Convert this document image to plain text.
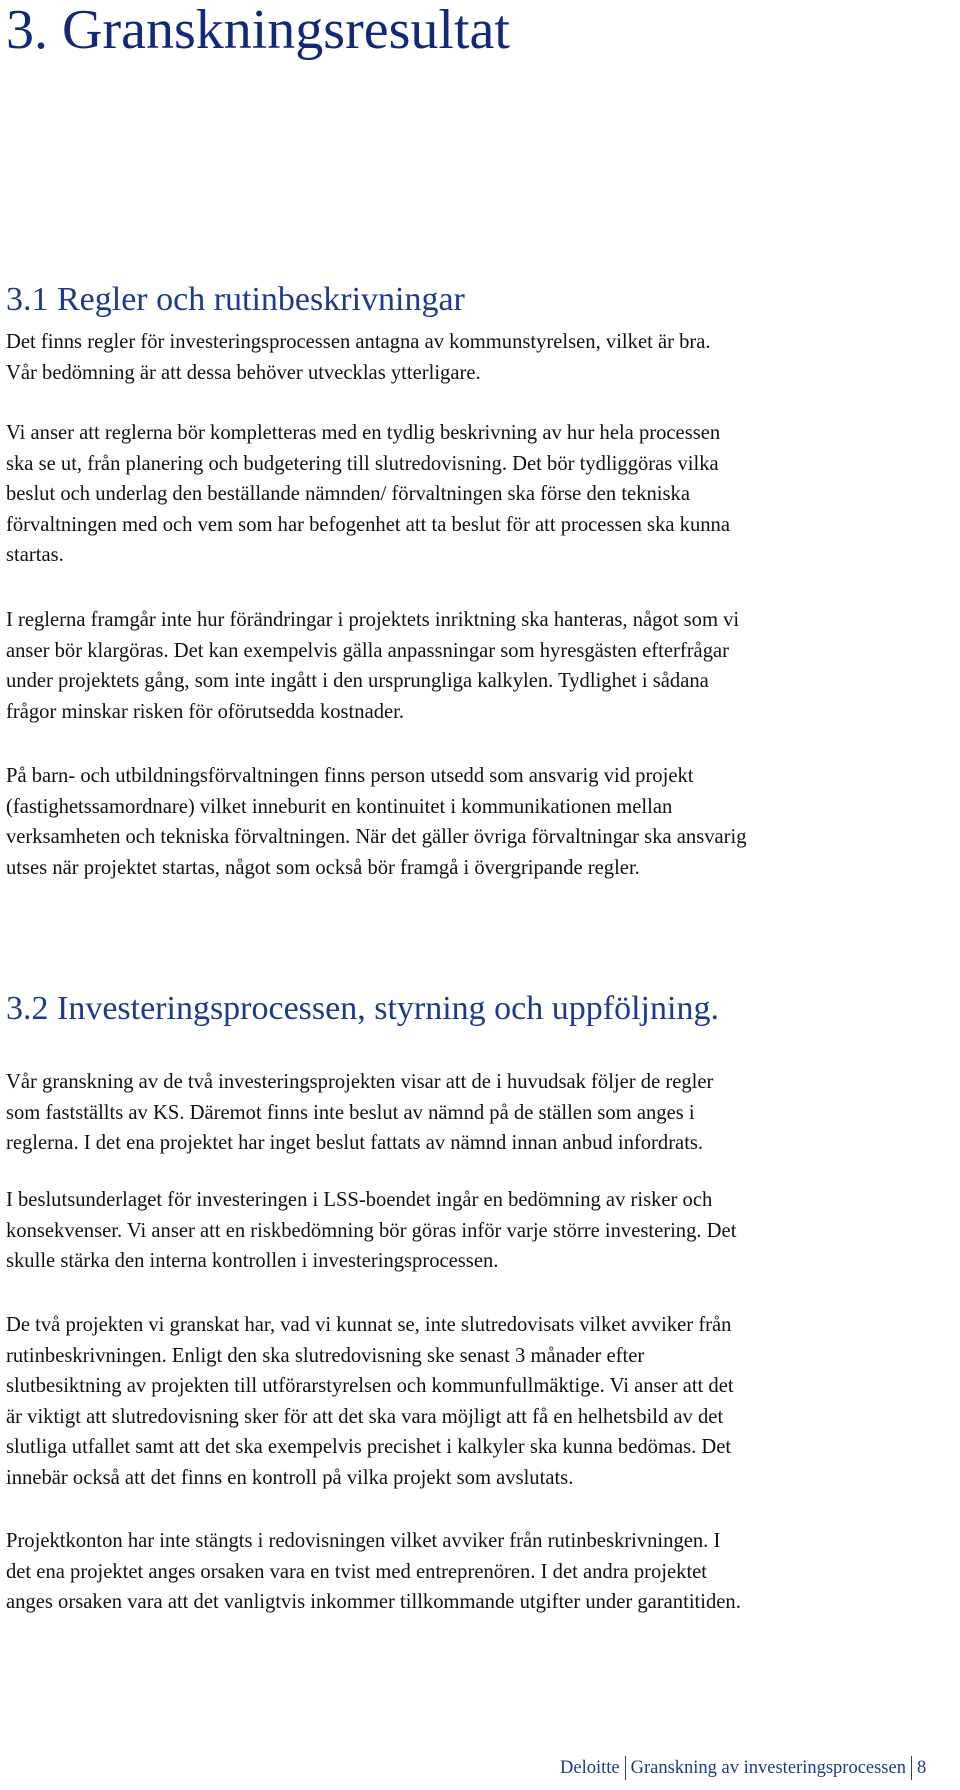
3. Granskningsresultat
3.1 Regler och rutinbeskrivningar

Det finns regler för investeringsprocessen antagna av kommunstyrelsen, vilket är bra.
Vår bedömning är att dessa behöver utvecklas ytterligare.

Vi anser att reglerna bör kompletteras med en tydlig beskrivning av hur hela processen
ska se ut, från planering och budgetering till slutredovisning. Det bör tydliggöras vilka
beslut och underlag den beställande nämnden/ förvaltningen ska förse den tekniska
förvaltningen med och vem som har befogenhet att ta beslut för att processen ska kunna
startas.

I reglerna framgår inte hur förändringar i projektets inriktning ska hanteras, något som vi
anser bör klargöras. Det kan exempelvis gälla anpassningar som hyresgästen efterfrågar
under projektets gång, som inte ingått i den ursprungliga kalkylen. Tydlighet i sådana
frågor minskar risken för oförutsedda kostnader.

På barn- och utbildningsförvaltningen finns person utsedd som ansvarig vid projekt
(fastighetssamordnare) vilket inneburit en kontinuitet i kommunikationen mellan
verksamheten och tekniska förvaltningen. När det gäller övriga förvaltningar ska ansvarig
utses när projektet startas, något som också bör framgå i övergripande regler.

3.2 Investeringsprocessen, styrning och uppföljning.

Vår granskning av de två investeringsprojekten visar att de i huvudsak följer de regler
som fastställts av KS. Däremot finns inte beslut av nämnd på de ställen som anges i
reglerna. I det ena projektet har inget beslut fattats av nämnd innan anbud infordrats.

I beslutsunderlaget för investeringen i LSS-boendet ingår en bedömning av risker och
konsekvenser. Vi anser att en riskbedömning bör göras inför varje större investering. Det
skulle stärka den interna kontrollen i investeringsprocessen.

De två projekten vi granskat har, vad vi kunnat se, inte slutredovisats vilket avviker från
rutinbeskrivningen. Enligt den ska slutredovisning ske senast 3 månader efter
slutbesiktning av projekten till utförarstyrelsen och kommunfullmäktige. Vi anser att det
är viktigt att slutredovisning sker för att det ska vara möjligt att få en helhetsbild av det
slutliga utfallet samt att det ska exempelvis precishet i kalkyler ska kunna bedömas. Det
innebär också att det finns en kontroll på vilka projekt som avslutats.

Projektkonton har inte stängts i redovisningen vilket avviker från rutinbeskrivningen. I
det ena projektet anges orsaken vara en tvist med entreprenören. I det andra projektet
anges orsaken vara att det vanligtvis inkommer tillkommande utgifter under garantitiden.

Deloitte Granskning av investeringsprocessen 8
